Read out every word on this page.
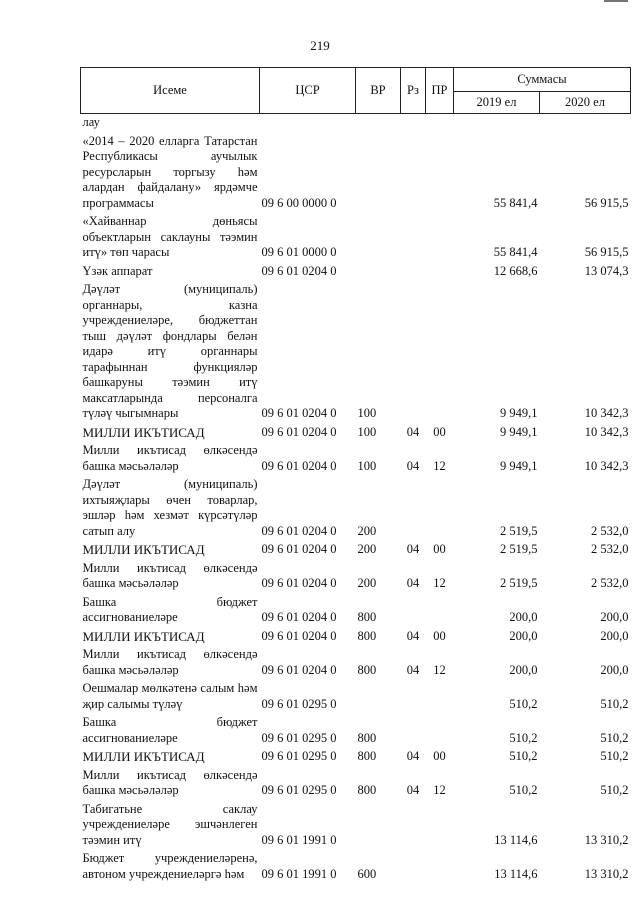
219
Исеме	ЦСР	ВР	Рз	ПР	Суммасы	
					2019 ел	2020 ел
лау						
«2014 – 2020 елларга Татарстан Республикасы аучылык ресурсларын торгызу һәм алардан файдалану» ярдәмче программасы	09 6 00 0000 0				55 841,4	56 915,5
«Хайваннар дөньясы объектларын саклауны тәэмин итү» төп чарасы	09 6 01 0000 0				55 841,4	56 915,5
Үзәк аппарат	09 6 01 0204 0				12 668,6	13 074,3
Дәүләт (муниципаль) органнары, казна учреждениеләре, бюджеттан тыш дәүләт фондлары белән идарә итү органнары тарафыннан функцияләр башкаруны тәэмин итү максатларында персоналга түләү чыгымнары	09 6 01 0204 0	100			9 949,1	10 342,3
МИЛЛИ ИКЪТИСАД	09 6 01 0204 0	100	04	00	9 949,1	10 342,3
Милли икътисад өлкәсендә башка мәсьәләләр	09 6 01 0204 0	100	04	12	9 949,1	10 342,3
Дәүләт (муниципаль) ихтыяҗлары өчен товарлар, эшләр һәм хезмәт күрсәтүләр сатып алу	09 6 01 0204 0	200			2 519,5	2 532,0
МИЛЛИ ИКЪТИСАД	09 6 01 0204 0	200	04	00	2 519,5	2 532,0
Милли икътисад өлкәсендә башка мәсьәләләр	09 6 01 0204 0	200	04	12	2 519,5	2 532,0
Башка бюджет ассигнованиеләре	09 6 01 0204 0	800			200,0	200,0
МИЛЛИ ИКЪТИСАД	09 6 01 0204 0	800	04	00	200,0	200,0
Милли икътисад өлкәсендә башка мәсьәләләр	09 6 01 0204 0	800	04	12	200,0	200,0
Оешмалар мөлкәтенә салым һәм җир салымы түләү	09 6 01 0295 0				510,2	510,2
Башка бюджет ассигнованиеләре	09 6 01 0295 0	800			510,2	510,2
МИЛЛИ ИКЪТИСАД	09 6 01 0295 0	800	04	00	510,2	510,2
Милли икътисад өлкәсендә башка мәсьәләләр	09 6 01 0295 0	800	04	12	510,2	510,2
Табигатьне саклау учреждениеләре эшчәнлеген тәэмин итү	09 6 01 1991 0				13 114,6	13 310,2
Бюджет учреждениеләренә, автоном учреждениеләргә һәм	09 6 01 1991 0	600			13 114,6	13 310,2
